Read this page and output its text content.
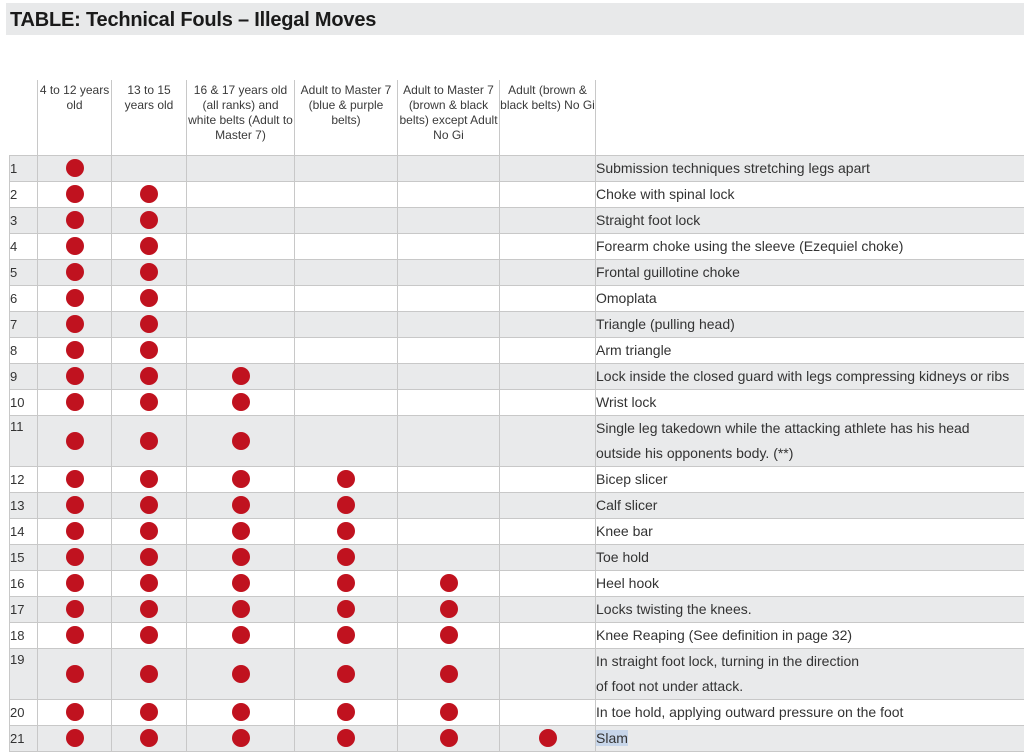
TABLE: Technical Fouls – Illegal Moves
	4 to 12 years old	13 to 15 years old	16 & 17 years old (all ranks) and white belts (Adult to Master 7)	Adult to Master 7 (blue & purple belts)	Adult to Master 7 (brown & black belts) except Adult No Gi	Adult (brown & black belts) No Gi	
1							Submission techniques stretching legs apart
2							Choke with spinal lock
3							Straight foot lock
4							Forearm choke using the sleeve (Ezequiel choke)
5							Frontal guillotine choke
6							Omoplata
7							Triangle (pulling head)
8							Arm triangle
9							Lock inside the closed guard with legs compressing kidneys or ribs
10							Wrist lock
11							Single leg takedown while the attacking athlete has his head
outside his opponents body. (**)

12							Bicep slicer
13							Calf slicer
14							Knee bar
15							Toe hold
16							Heel hook
17							Locks twisting the knees.
18							Knee Reaping (See definition in page 32)
19							In straight foot lock, turning in the direction
of foot not under attack.

20							In toe hold, applying outward pressure on the foot
21							Slam
